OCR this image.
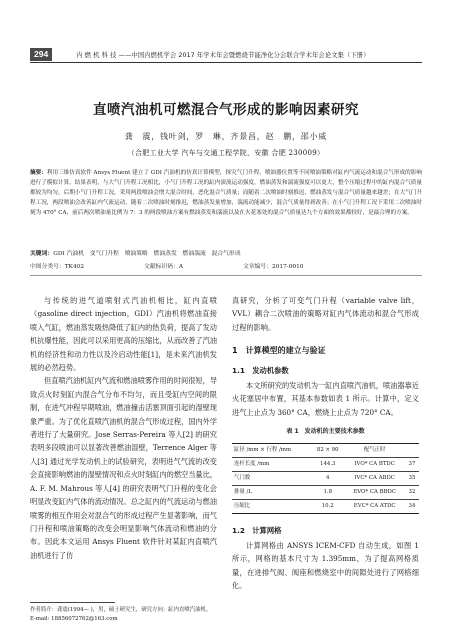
294	内 燃 机 科 技 ——中国内燃机学会 2017 年学术年会暨燃烧节能净化分会联合学术年会论文集（下册）
直喷汽油机可燃混合气形成的影响因素研究
龚　震，钱叶剑，罗　琳，齐景昌，赵　鹏，邵小威
（合肥工业大学 汽车与交通工程学院，安徽 合肥 230009）
摘要：利用三维仿真软件 Ansys Fluent 建立了 GDI 汽油机的仿真计算模型，探究气门升程、喷油器位置等不同喷油策略对缸内气流运动和混合气形成的影响进行了模拟计算。结果表明，与大气门升程工况相比，小气门升程工况的缸内滚流运动强度，燃油蒸发和湍流强度可以更大，整个压缩过程中的缸内混合气质量都较为均匀。后期小气门升程工况，采用两段喷油会增大混合时间，恶化混合气质量；而随着二次喷油时刻推迟，燃油蒸发与混合气质量越来越差；在大气门升程工况，两段喷油会改善缸内气流运动，随着二次喷油时刻推迟，燃油蒸发量增加，湍流动能减少，混合气质量得到改善；在小气门升程工况下采用二次喷油时刻为 470° CA，前后两次喷油量比例为 7：3 的两段喷油方案有燃油蒸发和湍流以及在火花塞处的混合气质量达九个方面的效果都较好，是最合理的方案。
关键词：GDI 汽油机　变气门升程　喷油策略　燃油蒸发　燃油湍流　混合气形成
中图分类号：TK402	文献标识码：A	文章编号：2017-0010

与传统的进气道喷射式汽油机相比，缸内直喷（gasoline direct injection，GDI）汽油机将燃油直接喷入气缸，燃油蒸发吸热降低了缸内的热负荷，提高了发动机抗爆性能，因此可以采用更高的压缩比，从而改善了汽油机的经济性和动力性以及冷启动性能[1]，是未来汽油机发展的必然趋势。

但直喷汽油机缸内气流和燃油喷雾作用的时间很短，导致点火时刻缸内混合气分布不均匀，而且受缸内空间的限制，在进气冲程早期喷油，燃油撞击活塞顶面引起的湿壁现象严重。为了优化直喷汽油机的混合气形成过程，国内外学者进行了大量研究。Jose Serras-Pereira 等人[2] 的研究表明多段喷油可以显著改善燃油湿壁，Terrence Alger 等人[3] 通过光学发动机上的试验研究，表明进气气流的改变会直接影响燃油的湿壁情况和点火时刻缸内的燃空当量比，A. F. M. Mahrous 等人[4] 的研究表明气门升程的变化会明显改变缸内气体的流动情况。总之缸内的气流运动与燃油喷雾的相互作用会对混合气的形成过程产生显著影响，而气门升程和喷油策略的改变会明显影响气体流动和燃油的分布。因此本文运用 Ansys Fluent 软件针对某缸内直喷汽油机进行了仿

真研究，分析了可变气门升程（variable valve lift，VVL）耦合二次喷油的策略对缸内气体流动和混合气形成过程的影响。

1　计算模型的建立与验证
1.1　发动机参数

本文所研究的发动机为一缸内直喷汽油机，喷油器靠近火花塞居中布置，其基本参数如表 1 所示。计算中，定义进气上止点为 360° CA，燃烧上止点为 720° CA。

表 1　发动机的主要技术参数
缸径 /mm × 行程 /mm	82 × 90	配气正时	
连杆长度 /mm	144.3	IVO* CA BTDC	37
气门数	4	IVC* CA ABDC	35
排量 /L	1.8	EVO* CA BBDC	32
压缩比	10.2	EVC* CA ATDC	34
1.2　计算网格

计算网格由 ANSYS ICEM-CFD 自动生成，如图 1 所示，网格的基本尺寸为 1.395mm，为了提高网格质量，在进排气阀、阀座和燃烧室中的间隙处进行了网格细化。

作者简介：龚震(1994— )，男，硕士研究生，研究方向：缸内直喷汽油机。
E-mail: 18856072762@163.com
